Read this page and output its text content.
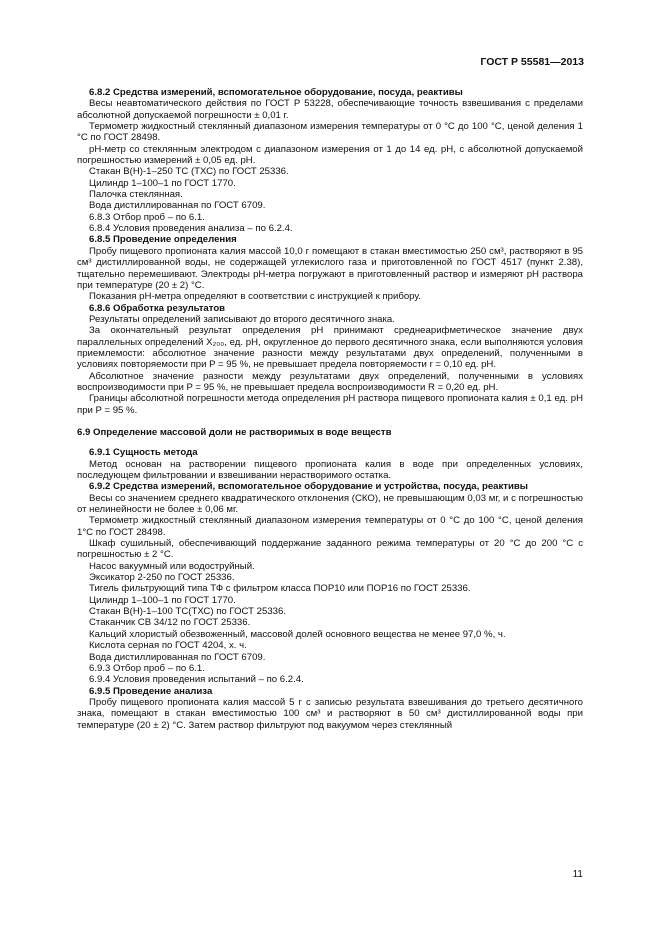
ГОСТ Р 55581—2013

6.8.2 Средства измерений, вспомогательное оборудование, посуда, реактивы

Весы неавтоматического действия по ГОСТ Р 53228, обеспечивающие точность взвешивания с пределами абсолютной допускаемой погрешности ± 0,01 г.

Термометр жидкостный стеклянный диапазоном измерения температуры от 0 °С до 100 °С, ценой деления 1 °С по ГОСТ 28498.

рН-метр со стеклянным электродом с диапазоном измерения от 1 до 14 ед. рН, с абсолютной допускаемой погрешностью измерений ± 0,05 ед. рН.

Стакан В(Н)-1–250 ТС (ТХС) по ГОСТ 25336.

Цилиндр 1–100–1 по ГОСТ 1770.

Палочка стеклянная.

Вода дистиллированная по ГОСТ 6709.

6.8.3 Отбор проб – по 6.1.

6.8.4 Условия проведения анализа – по 6.2.4.

6.8.5 Проведение определения

Пробу пищевого пропионата калия массой 10,0 г помещают в стакан вместимостью 250 см³, растворяют в 95 см³ дистиллированной воды, не содержащей углекислого газа и приготовленной по ГОСТ 4517 (пункт 2.38), тщательно перемешивают. Электроды рН-метра погружают в приготовленный раствор и измеряют рН раствора при температуре (20 ± 2) °С.

Показания рН-метра определяют в соответствии с инструкцией к прибору.

6.8.6 Обработка результатов

Результаты определений записывают до второго десятичного знака.

За окончательный результат определения рН принимают среднеарифметическое значение двух параллельных определений X₂₀₀, ед. рН, округленное до первого десятичного знака, если выполняются условия приемлемости: абсолютное значение разности между результатами двух определений, полученными в условиях повторяемости при P = 95 %, не превышает предела повторяемости r = 0,10 ед. рН.

Абсолютное значение разности между результатами двух определений, полученными в условиях воспроизводимости при P = 95 %, не превышает предела воспроизводимости R = 0,20 ед. рН.

Границы абсолютной погрешности метода определения рН раствора пищевого пропионата калия ± 0,1 ед. рН при P = 95 %.

6.9 Определение массовой доли не растворимых в воде веществ

6.9.1 Сущность метода

Метод основан на растворении пищевого пропионата калия в воде при определенных условиях, последующем фильтровании и взвешивании нерастворимого остатка.

6.9.2 Средства измерений, вспомогательное оборудование и устройства, посуда, реактивы

Весы со значением среднего квадратического отклонения (СКО), не превышающим 0,03 мг, и с погрешностью от нелинейности не более ± 0,06 мг.

Термометр жидкостный стеклянный диапазоном измерения температуры от 0 °С до 100 °С, ценой деления 1°С по ГОСТ 28498.

Шкаф сушильный, обеспечивающий поддержание заданного режима температуры от 20 °С до 200 °С с погрешностью ± 2 °С.

Насос вакуумный или водоструйный.

Эксикатор 2-250 по ГОСТ 25336.

Тигель фильтрующий типа ТФ с фильтром класса ПОР10 или ПОР16 по ГОСТ 25336.

Цилиндр 1–100–1 по ГОСТ 1770.

Стакан В(Н)-1–100 ТС(ТХС) по ГОСТ 25336.

Стаканчик СВ 34/12 по ГОСТ 25336.

Кальций хлористый обезвоженный, массовой долей основного вещества не менее 97,0 %, ч.

Кислота серная по ГОСТ 4204, х. ч.

Вода дистиллированная по ГОСТ 6709.

6.9.3 Отбор проб – по 6.1.

6.9.4 Условия проведения испытаний – по 6.2.4.

6.9.5 Проведение анализа

Пробу пищевого пропионата калия массой 5 г с записью результата взвешивания до третьего десятичного знака, помещают в стакан вместимостью 100 см³ и растворяют в 50 см³ дистиллированной воды при температуре (20 ± 2) °С. Затем раствор фильтруют под вакуумом через стеклянный

11
